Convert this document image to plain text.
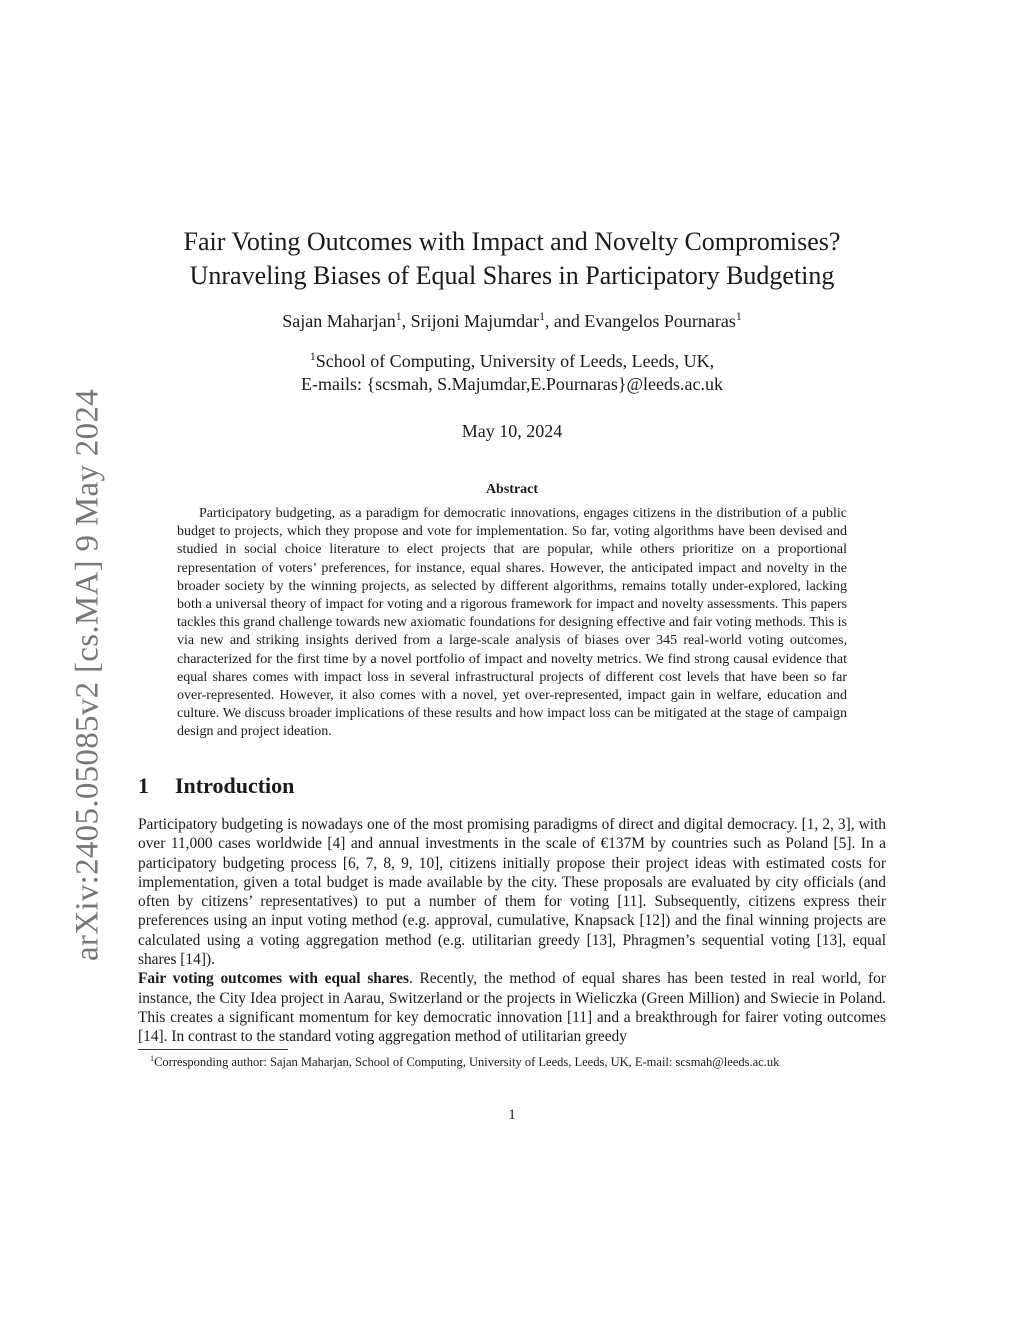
arXiv:2405.05085v2 [cs.MA] 9 May 2024
Fair Voting Outcomes with Impact and Novelty Compromises?
Unraveling Biases of Equal Shares in Participatory Budgeting
Sajan Maharjan$^1$, Srijoni Majumdar$^1$, and Evangelos Pournaras$^1$
$^1$School of Computing, University of Leeds, Leeds, UK,
E-mails: {scsmah, S.Majumdar,E.Pournaras}@leeds.ac.uk
May 10, 2024
Abstract
Participatory budgeting, as a paradigm for democratic innovations, engages citizens in the distribution of a public budget to projects, which they propose and vote for implementation. So far, voting algorithms have been devised and studied in social choice literature to elect projects that are popular, while others prioritize on a proportional representation of voters’ preferences, for instance, equal shares. However, the anticipated impact and novelty in the broader society by the winning projects, as selected by different algorithms, remains totally under-explored, lacking both a universal theory of impact for voting and a rigorous framework for impact and novelty assessments. This papers tackles this grand challenge towards new axiomatic foundations for designing effective and fair voting methods. This is via new and striking insights derived from a large-scale analysis of biases over 345 real-world voting outcomes, characterized for the first time by a novel portfolio of impact and novelty metrics. We find strong causal evidence that equal shares comes with impact loss in several infrastructural projects of different cost levels that have been so far over-represented. However, it also comes with a novel, yet over-represented, impact gain in welfare, education and culture. We discuss broader implications of these results and how impact loss can be mitigated at the stage of campaign design and project ideation.
1 Introduction

Participatory budgeting is nowadays one of the most promising paradigms of direct and digital democracy. [1, 2, 3], with over 11,000 cases worldwide [4] and annual investments in the scale of €137M by countries such as Poland [5]. In a participatory budgeting process [6, 7, 8, 9, 10], citizens initially propose their project ideas with estimated costs for implementation, given a total budget is made available by the city. These proposals are evaluated by city officials (and often by citizens’ representatives) to put a number of them for voting [11]. Subsequently, citizens express their preferences using an input voting method (e.g. approval, cumulative, Knapsack [12]) and the final winning projects are calculated using a voting aggregation method (e.g. utilitarian greedy [13], Phragmen’s sequential voting [13], equal shares [14]).

Fair voting outcomes with equal shares. Recently, the method of equal shares has been tested in real world, for instance, the City Idea project in Aarau, Switzerland or the projects in Wieliczka (Green Million) and Swiecie in Poland. This creates a significant momentum for key democratic innovation [11] and a breakthrough for fairer voting outcomes [14]. In contrast to the standard voting aggregation method of utilitarian greedy

$^1$Corresponding author: Sajan Maharjan, School of Computing, University of Leeds, Leeds, UK, E-mail: scsmah@leeds.ac.uk
1
